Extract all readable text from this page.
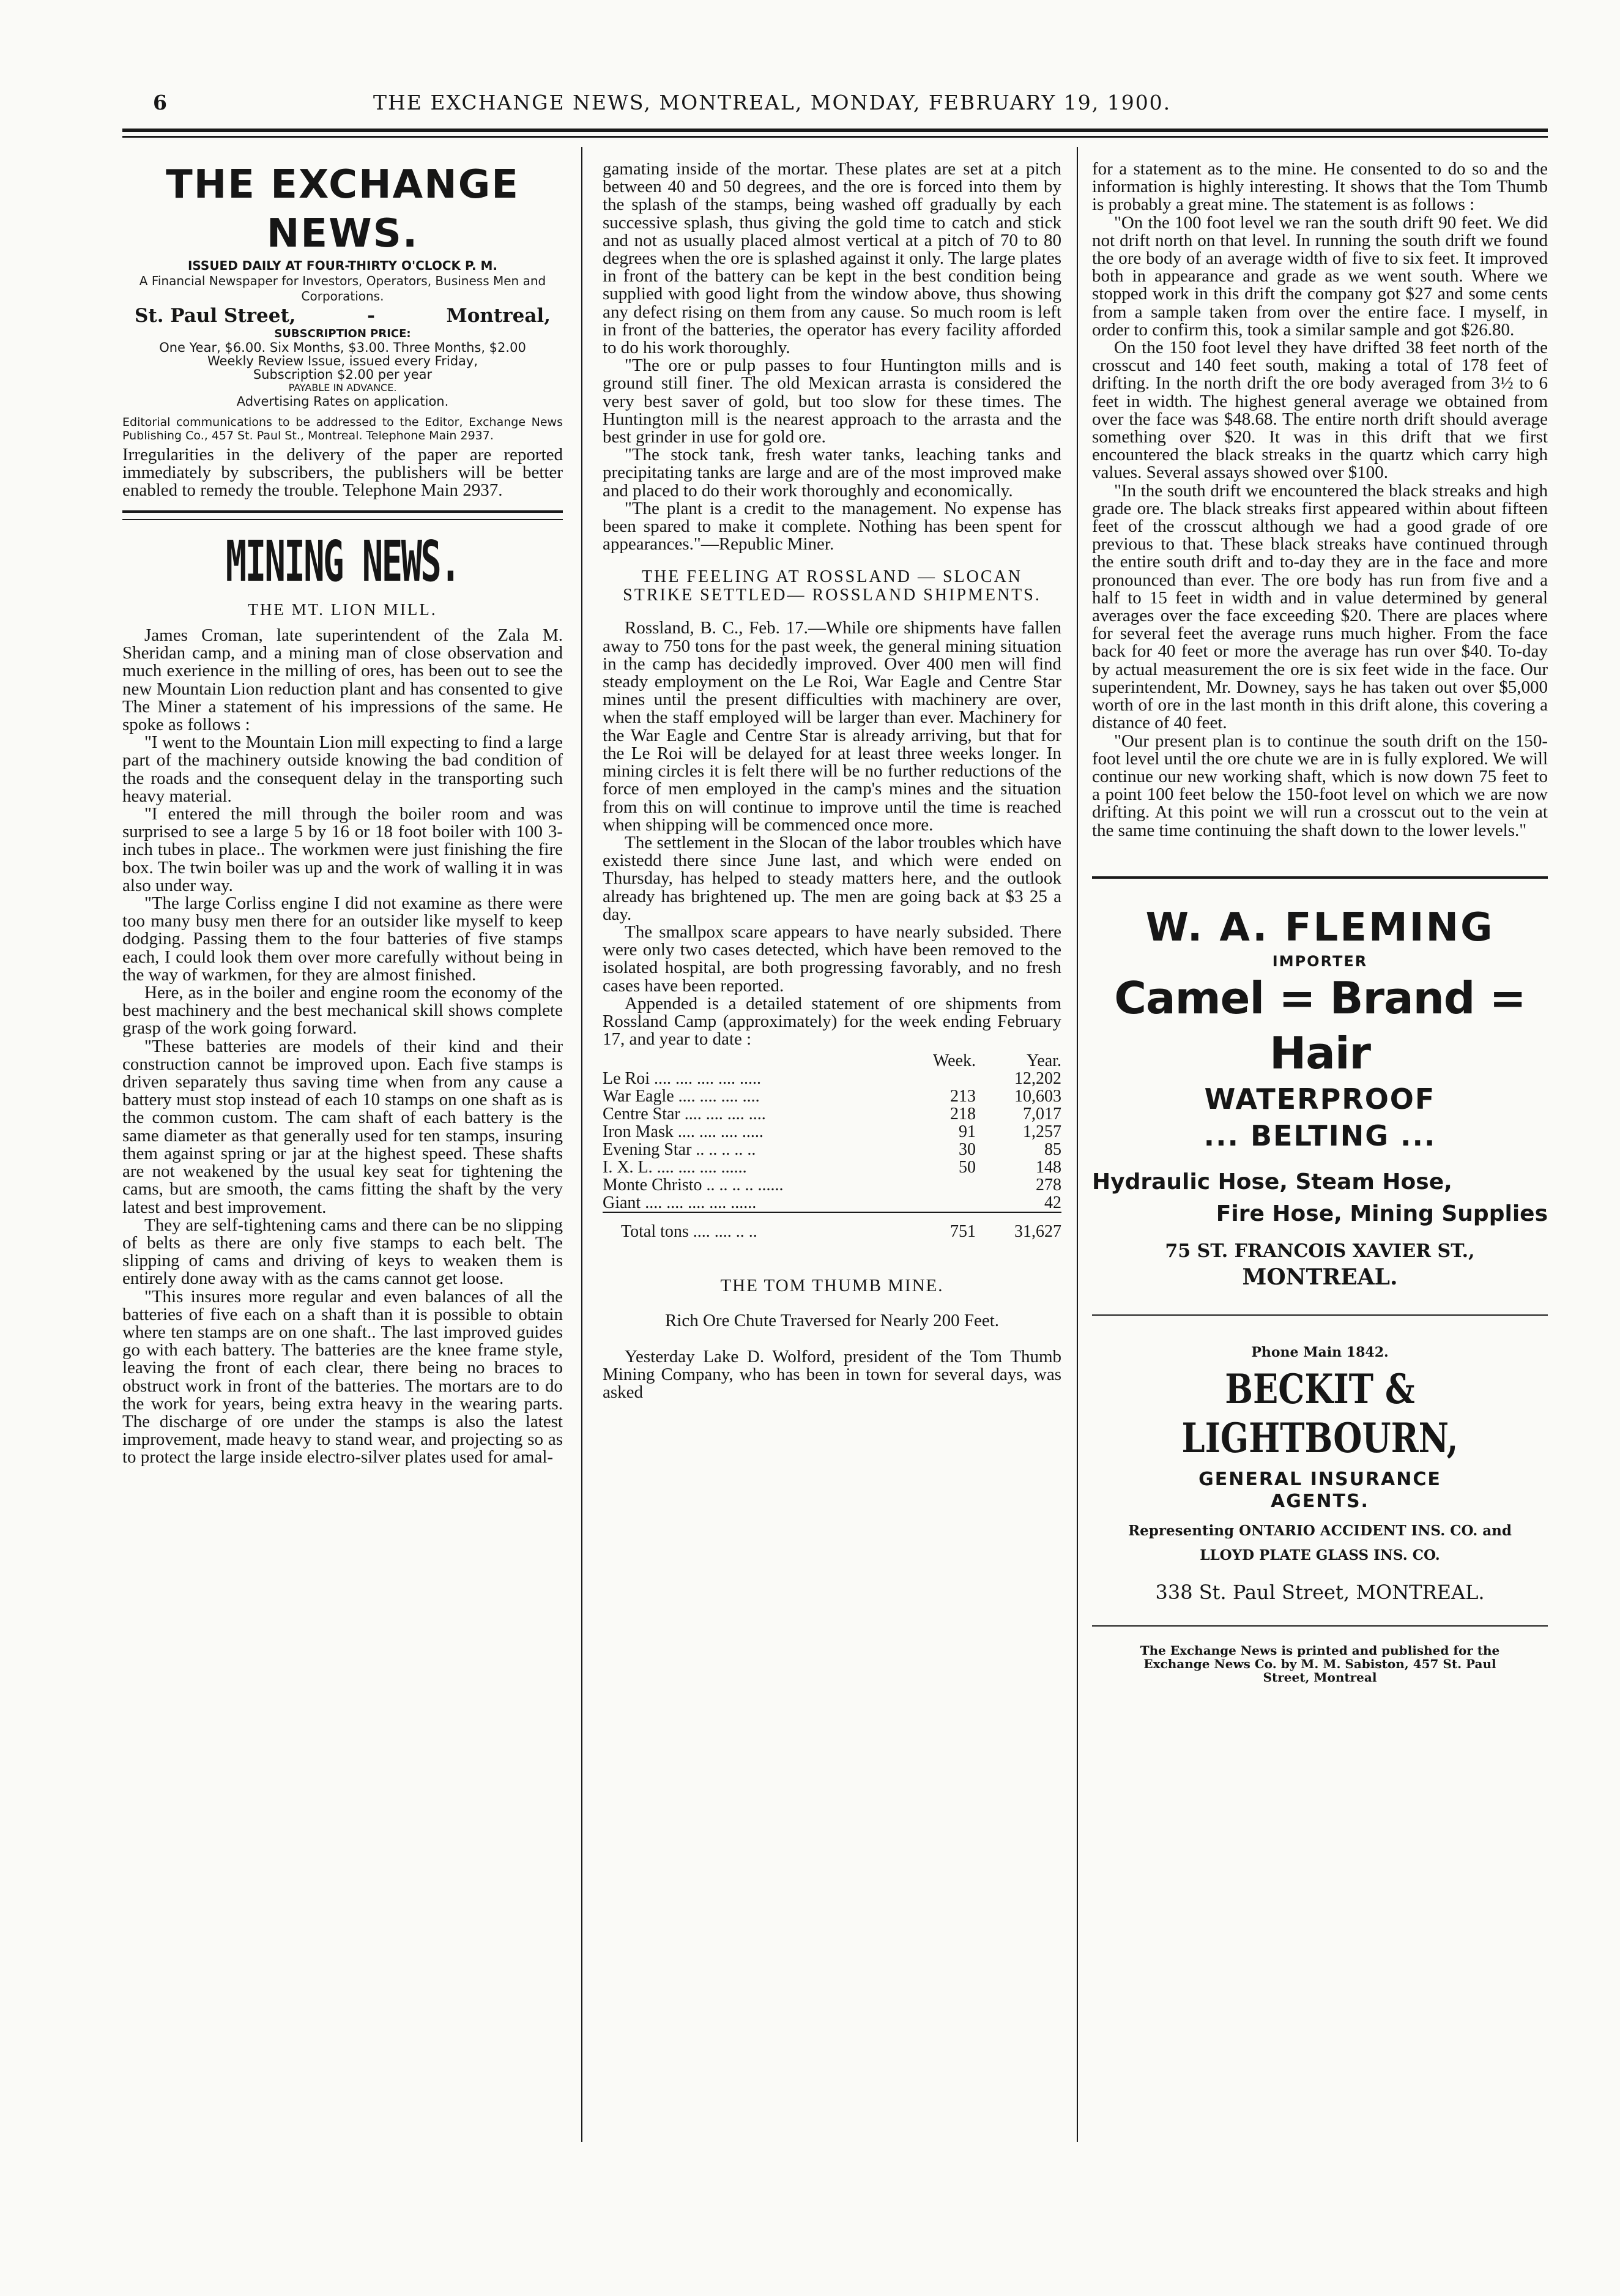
6	THE EXCHANGE NEWS, MONTREAL, MONDAY, FEBRUARY 19, 1900.
THE EXCHANGE NEWS.
ISSUED DAILY AT FOUR-THIRTY O'CLOCK P. M.
A Financial Newspaper for Investors, Operators, Business Men and Corporations.
St. Paul Street,	-	Montreal,
SUBSCRIPTION PRICE:
One Year, $6.00. Six Months, $3.00. Three Months, $2.00
Weekly Review Issue, issued every Friday,
Subscription $2.00 per year
PAYABLE IN ADVANCE.
Advertising Rates on application.
Editorial communications to be addressed to the Editor, Exchange News Publishing Co., 457 St. Paul St., Montreal. Telephone Main 2937.
Irregularities in the delivery of the paper are reported immediately by subscribers, the publishers will be better enabled to remedy the trouble. Telephone Main 2937.
MINING NEWS.
THE MT. LION MILL.

James Croman, late superintendent of the Zala M. Sheridan camp, and a mining man of close observation and much exerience in the milling of ores, has been out to see the new Mountain Lion reduction plant and has consented to give The Miner a statement of his impressions of the same. He spoke as follows :

"I went to the Mountain Lion mill expecting to find a large part of the machinery outside knowing the bad condition of the roads and the consequent delay in the transporting such heavy material.

"I entered the mill through the boiler room and was surprised to see a large 5 by 16 or 18 foot boiler with 100 3-inch tubes in place.. The workmen were just finishing the fire box. The twin boiler was up and the work of walling it in was also under way.

"The large Corliss engine I did not examine as there were too many busy men there for an outsider like myself to keep dodging. Passing them to the four batteries of five stamps each, I could look them over more carefully without being in the way of warkmen, for they are almost finished.

Here, as in the boiler and engine room the economy of the best machinery and the best mechanical skill shows complete grasp of the work going forward.

"These batteries are models of their kind and their construction cannot be improved upon. Each five stamps is driven separately thus saving time when from any cause a battery must stop instead of each 10 stamps on one shaft as is the common custom. The cam shaft of each battery is the same diameter as that generally used for ten stamps, insuring them against spring or jar at the highest speed. These shafts are not weakened by the usual key seat for tightening the cams, but are smooth, the cams fitting the shaft by the very latest and best improvement.

They are self-tightening cams and there can be no slipping of belts as there are only five stamps to each belt. The slipping of cams and driving of keys to weaken them is entirely done away with as the cams cannot get loose.

"This insures more regular and even balances of all the batteries of five each on a shaft than it is possible to obtain where ten stamps are on one shaft.. The last improved guides go with each battery. The batteries are the knee frame style, leaving the front of each clear, there being no braces to obstruct work in front of the batteries. The mortars are to do the work for years, being extra heavy in the wearing parts. The discharge of ore under the stamps is also the latest improvement, made heavy to stand wear, and projecting so as to protect the large inside electro-silver plates used for amal-

gamating inside of the mortar. These plates are set at a pitch between 40 and 50 degrees, and the ore is forced into them by the splash of the stamps, being washed off gradually by each successive splash, thus giving the gold time to catch and stick and not as usually placed almost vertical at a pitch of 70 to 80 degrees when the ore is splashed against it only. The large plates in front of the battery can be kept in the best condition being supplied with good light from the window above, thus showing any defect rising on them from any cause. So much room is left in front of the batteries, the operator has every facility afforded to do his work thoroughly.

"The ore or pulp passes to four Huntington mills and is ground still finer. The old Mexican arrasta is considered the very best saver of gold, but too slow for these times. The Huntington mill is the nearest approach to the arrasta and the best grinder in use for gold ore.

"The stock tank, fresh water tanks, leaching tanks and precipitating tanks are large and are of the most improved make and placed to do their work thoroughly and economically.

"The plant is a credit to the management. No expense has been spared to make it complete. Nothing has been spent for appearances."—Republic Miner.

THE FEELING AT ROSSLAND — SLOCAN STRIKE SETTLED— ROSSLAND SHIPMENTS.

Rossland, B. C., Feb. 17.—While ore shipments have fallen away to 750 tons for the past week, the general mining situation in the camp has decidedly improved. Over 400 men will find steady employment on the Le Roi, War Eagle and Centre Star mines until the present difficulties with machinery are over, when the staff employed will be larger than ever. Machinery for the War Eagle and Centre Star is already arriving, but that for the Le Roi will be delayed for at least three weeks longer. In mining circles it is felt there will be no further reductions of the force of men employed in the camp's mines and the situation from this on will continue to improve until the time is reached when shipping will be commenced once more.

The settlement in the Slocan of the labor troubles which have existedd there since June last, and which were ended on Thursday, has helped to steady matters here, and the outlook already has brightened up. The men are going back at $3 25 a day.

The smallpox scare appears to have nearly subsided. There were only two cases detected, which have been removed to the isolated hospital, are both progressing favorably, and no fresh cases have been reported.

Appended is a detailed statement of ore shipments from Rossland Camp (approximately) for the week ending February 17, and year to date :

	Week.	Year.
Le Roi .... .... .... .... .....		12,202
War Eagle .... .... .... ....	213	10,603
Centre Star .... .... .... ....	218	7,017
Iron Mask .... .... .... .....	91	1,257
Evening Star .. .. .. .. ..	30	85
I. X. L. .... .... .... ......	50	148
Monte Christo .. .. .. .. ......		278
Giant .... .... .... .... ......		42
Total tons .... .... .. ..	751	31,627
THE TOM THUMB MINE.
Rich Ore Chute Traversed for Nearly 200 Feet.

Yesterday Lake D. Wolford, president of the Tom Thumb Mining Company, who has been in town for several days, was asked

for a statement as to the mine. He consented to do so and the information is highly interesting. It shows that the Tom Thumb is probably a great mine. The statement is as follows :

"On the 100 foot level we ran the south drift 90 feet. We did not drift north on that level. In running the south drift we found the ore body of an average width of five to six feet. It improved both in appearance and grade as we went south. Where we stopped work in this drift the company got $27 and some cents from a sample taken from over the entire face. I myself, in order to confirm this, took a similar sample and got $26.80.

On the 150 foot level they have drifted 38 feet north of the crosscut and 140 feet south, making a total of 178 feet of drifting. In the north drift the ore body averaged from 3½ to 6 feet in width. The highest general average we obtained from over the face was $48.68. The entire north drift should average something over $20. It was in this drift that we first encountered the black streaks in the quartz which carry high values. Several assays showed over $100.

"In the south drift we encountered the black streaks and high grade ore. The black streaks first appeared within about fifteen feet of the crosscut although we had a good grade of ore previous to that. These black streaks have continued through the entire south drift and to-day they are in the face and more pronounced than ever. The ore body has run from five and a half to 15 feet in width and in value determined by general averages over the face exceeding $20. There are places where for several feet the average runs much higher. From the face back for 40 feet or more the average has run over $40. To-day by actual measurement the ore is six feet wide in the face. Our superintendent, Mr. Downey, says he has taken out over $5,000 worth of ore in the last month in this drift alone, this covering a distance of 40 feet.

"Our present plan is to continue the south drift on the 150-foot level until the ore chute we are in is fully explored. We will continue our new working shaft, which is now down 75 feet to a point 100 feet below the 150-foot level on which we are now drifting. At this point we will run a crosscut out to the vein at the same time continuing the shaft down to the lower levels."

W. A. FLEMING
IMPORTER
Camel = Brand = Hair
WATERPROOF
... BELTING ...
Hydraulic Hose, Steam Hose,
Fire Hose, Mining Supplies
75 ST. FRANCOIS XAVIER ST.,
MONTREAL.
Phone Main 1842.
BECKIT & LIGHTBOURN,
GENERAL INSURANCE AGENTS.
Representing ONTARIO ACCIDENT INS. CO. and
LLOYD PLATE GLASS INS. CO.
338 St. Paul Street, MONTREAL.
The Exchange News is printed and published for the Exchange News Co. by M. M. Sabiston, 457 St. Paul Street, Montreal
